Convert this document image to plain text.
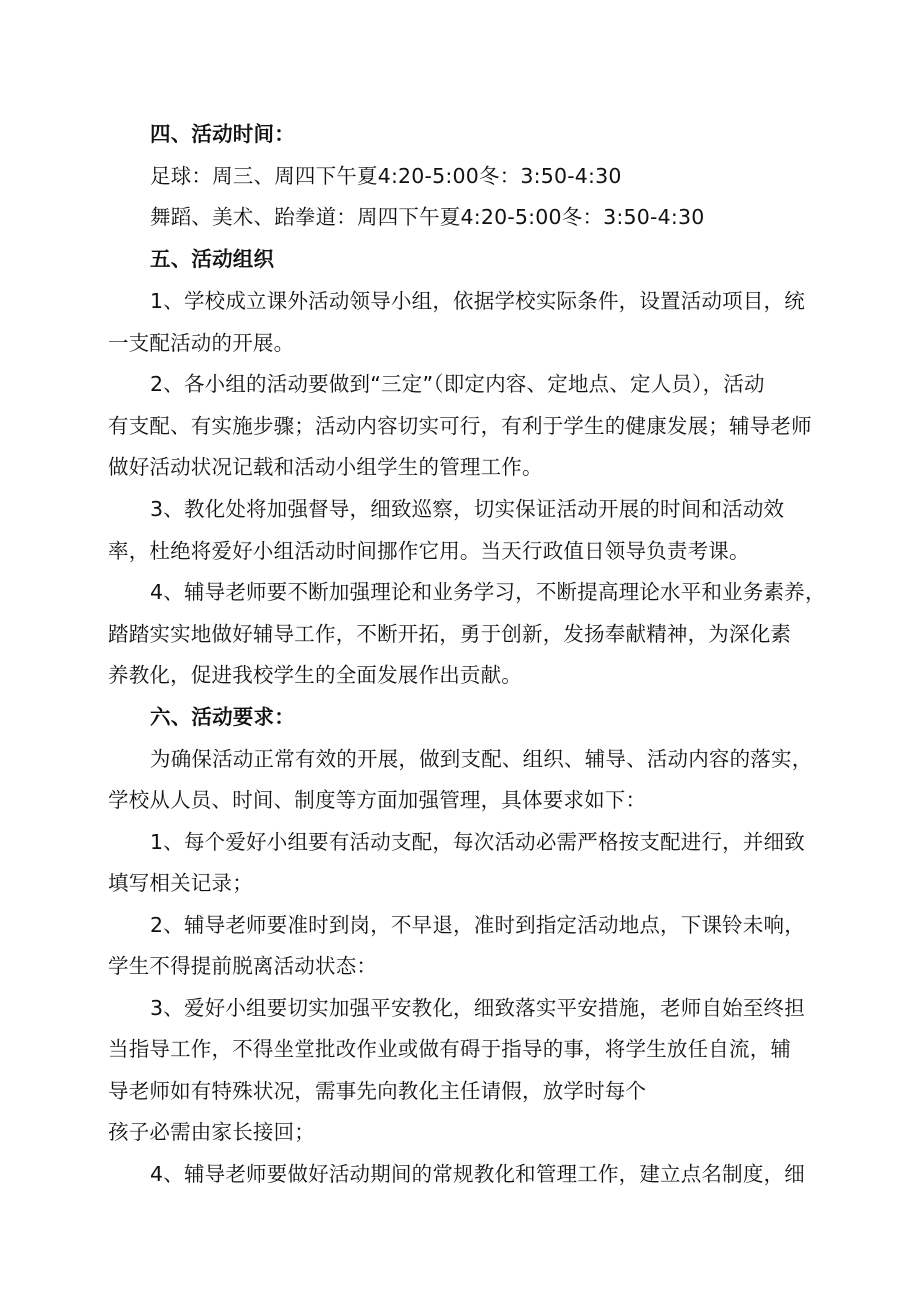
四、活动时间：
足球：周三、周四下午夏4:20-5:00冬：3:50-4:30
舞蹈、美术、跆拳道：周四下午夏4:20-5:00冬：3:50-4:30
五、活动组织
1、学校成立课外活动领导小组，依据学校实际条件，设置活动项目，统
一支配活动的开展。
2、各小组的活动要做到“三定”（即定内容、定地点、定人员），活动
有支配、有实施步骤；活动内容切实可行，有利于学生的健康发展；辅导老师
做好活动状况记载和活动小组学生的管理工作。
3、教化处将加强督导，细致巡察，切实保证活动开展的时间和活动效
率，杜绝将爱好小组活动时间挪作它用。当天行政值日领导负责考课。
4、辅导老师要不断加强理论和业务学习，不断提高理论水平和业务素养，
踏踏实实地做好辅导工作，不断开拓，勇于创新，发扬奉献精神，为深化素
养教化，促进我校学生的全面发展作出贡献。
六、活动要求：
为确保活动正常有效的开展，做到支配、组织、辅导、活动内容的落实，
学校从人员、时间、制度等方面加强管理，具体要求如下：
1、每个爱好小组要有活动支配，每次活动必需严格按支配进行，并细致
填写相关记录；
2、辅导老师要准时到岗，不早退，准时到指定活动地点，下课铃未响，
学生不得提前脱离活动状态：
3、爱好小组要切实加强平安教化，细致落实平安措施，老师自始至终担
当指导工作，不得坐堂批改作业或做有碍于指导的事，将学生放任自流，辅
导老师如有特殊状况，需事先向教化主任请假，放学时每个
孩子必需由家长接回；
4、辅导老师要做好活动期间的常规教化和管理工作，建立点名制度，细
